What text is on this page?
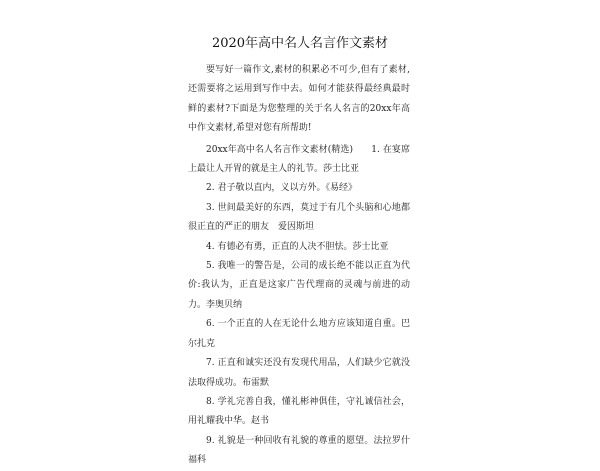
2020年高中名人名言作文素材

要写好一篇作文,素材的积累必不可少,但有了素材,还需要将之运用到写作中去。如何才能获得最经典最时鲜的素材?下面是为您整理的关于名人名言的20xx年高中作文素材,希望对您有所帮助!

20xx年高中名人名言作文素材(精选)　　1. 在宴席上最让人开胃的就是主人的礼节。莎士比亚

2. 君子敬以直内，义以方外。《易经》

3. 世间最美好的东西，莫过于有几个头脑和心地都很正直的严正的朋友　爱因斯坦

4. 有德必有勇，正直的人决不胆怯。莎士比亚

5. 我唯一的警告是，公司的成长绝不能以正直为代价:我认为，正直是这家广告代理商的灵魂与前进的动力。李奥贝纳

6. 一个正直的人在无论什么地方应该知道自重。巴尔扎克

7. 正直和诚实还没有发现代用品，人们缺少它就没法取得成功。布雷默

8. 学礼完善自我，懂礼彬神俱佳，守礼诚信社会，用礼耀我中华。赵书

9. 礼貌是一种回收有礼貌的尊重的愿望。法拉罗什福科
